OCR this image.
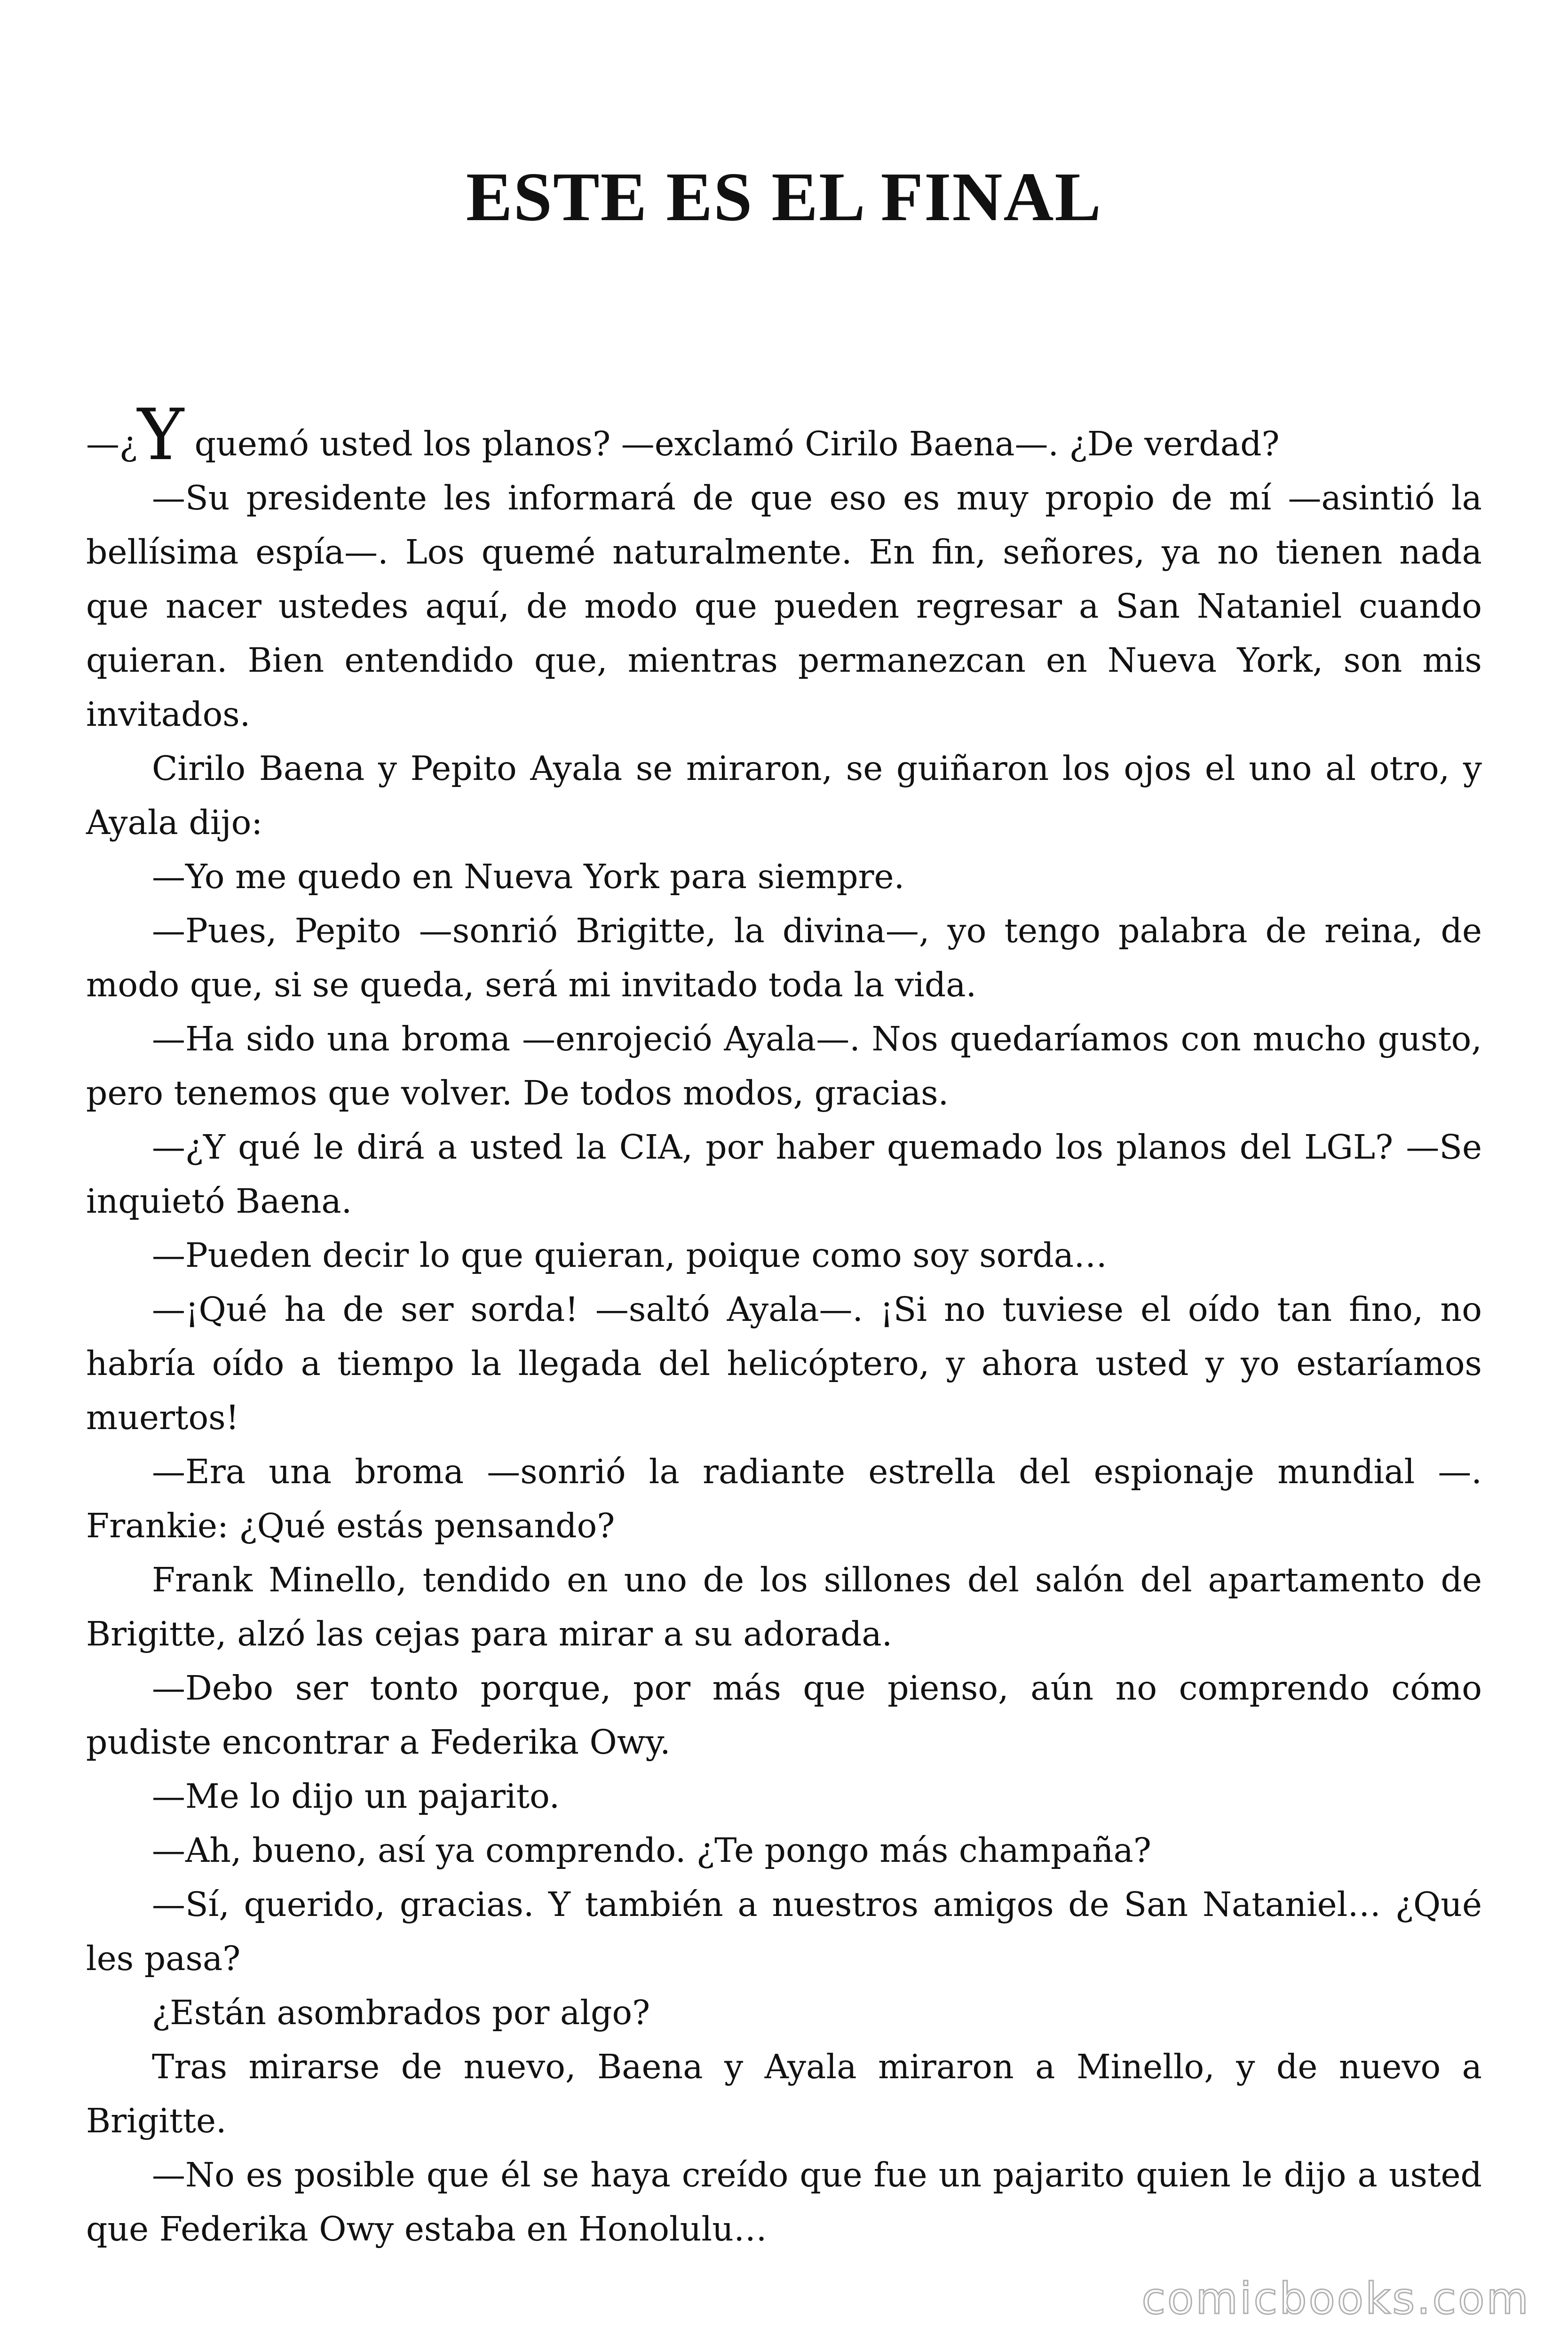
ESTE ES EL FINAL

—¿Y quemó usted los planos? —exclamó Cirilo Baena—. ¿De verdad?

—Su presidente les informará de que eso es muy propio de mí —asintió la bellísima espía—. Los quemé naturalmente. En fin, señores, ya no tienen nada que nacer ustedes aquí, de modo que pueden regresar a San Nataniel cuando quieran. Bien entendido que, mientras permanezcan en Nueva York, son mis invitados.

Cirilo Baena y Pepito Ayala se miraron, se guiñaron los ojos el uno al otro, y Ayala dijo:

—Yo me quedo en Nueva York para siempre.

—Pues, Pepito —sonrió Brigitte, la divina—, yo tengo palabra de reina, de modo que, si se queda, será mi invitado toda la vida.

—Ha sido una broma —enrojeció Ayala—. Nos quedaríamos con mucho gusto, pero tenemos que volver. De todos modos, gracias.

—¿Y qué le dirá a usted la CIA, por haber quemado los planos del LGL? —Se inquietó Baena.

—Pueden decir lo que quieran, poique como soy sorda…

—¡Qué ha de ser sorda! —saltó Ayala—. ¡Si no tuviese el oído tan fino, no habría oído a tiempo la llegada del helicóptero, y ahora usted y yo estaríamos muertos!

—Era una broma —sonrió la radiante estrella del espionaje mundial —. Frankie: ¿Qué estás pensando?

Frank Minello, tendido en uno de los sillones del salón del apartamento de Brigitte, alzó las cejas para mirar a su adorada.

—Debo ser tonto porque, por más que pienso, aún no comprendo cómo pudiste encontrar a Federika Owy.

—Me lo dijo un pajarito.

—Ah, bueno, así ya comprendo. ¿Te pongo más champaña?

—Sí, querido, gracias. Y también a nuestros amigos de San Nataniel… ¿Qué les pasa?

¿Están asombrados por algo?

Tras mirarse de nuevo, Baena y Ayala miraron a Minello, y de nuevo a Brigitte.

—No es posible que él se haya creído que fue un pajarito quien le dijo a usted que Federika Owy estaba en Honolulu…

comicbooks.com
